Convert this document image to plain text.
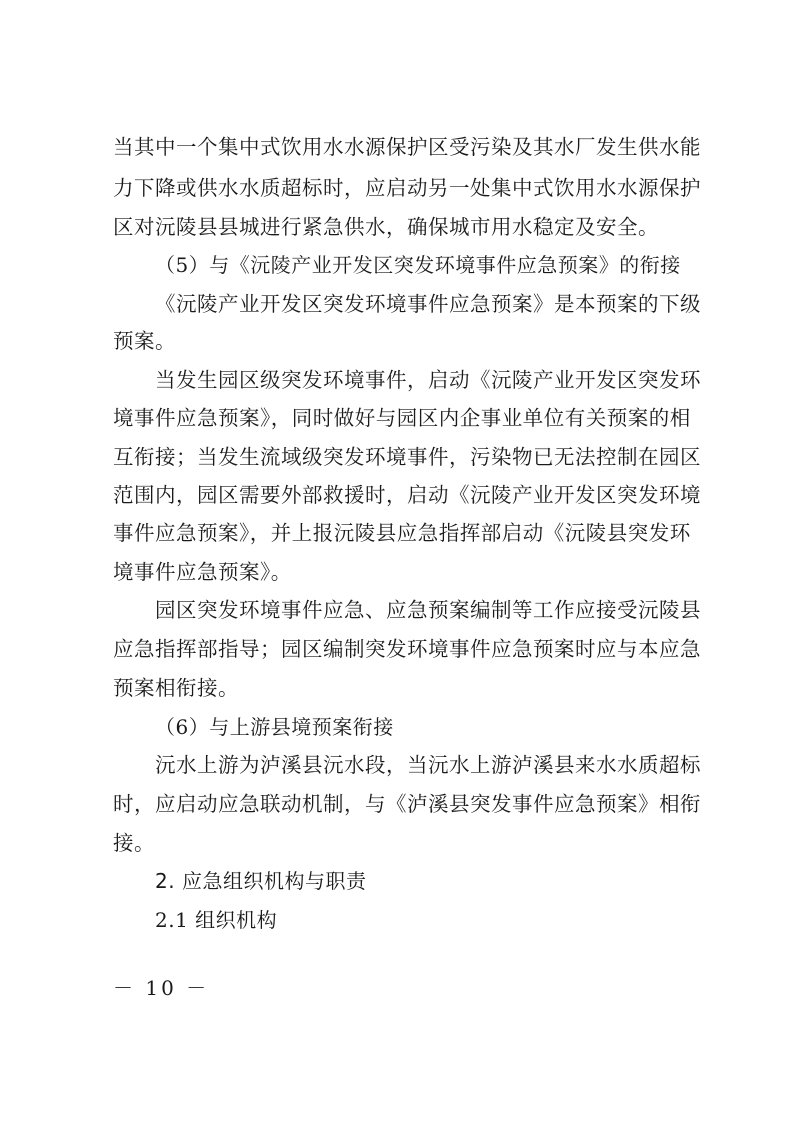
当其中一个集中式饮用水水源保护区受污染及其水厂发生供水能
力下降或供水水质超标时，应启动另一处集中式饮用水水源保护
区对沅陵县县城进行紧急供水，确保城市用水稳定及安全。
（5）与《沅陵产业开发区突发环境事件应急预案》的衔接
《沅陵产业开发区突发环境事件应急预案》是本预案的下级
预案。
当发生园区级突发环境事件，启动《沅陵产业开发区突发环
境事件应急预案》，同时做好与园区内企事业单位有关预案的相
互衔接；当发生流域级突发环境事件，污染物已无法控制在园区
范围内，园区需要外部救援时，启动《沅陵产业开发区突发环境
事件应急预案》，并上报沅陵县应急指挥部启动《沅陵县突发环
境事件应急预案》。
园区突发环境事件应急、应急预案编制等工作应接受沅陵县
应急指挥部指导；园区编制突发环境事件应急预案时应与本应急
预案相衔接。
（6）与上游县境预案衔接
沅水上游为泸溪县沅水段，当沅水上游泸溪县来水水质超标
时，应启动应急联动机制，与《泸溪县突发事件应急预案》相衔
接。
2. 应急组织机构与职责
2.1 组织机构
－ 10 －
